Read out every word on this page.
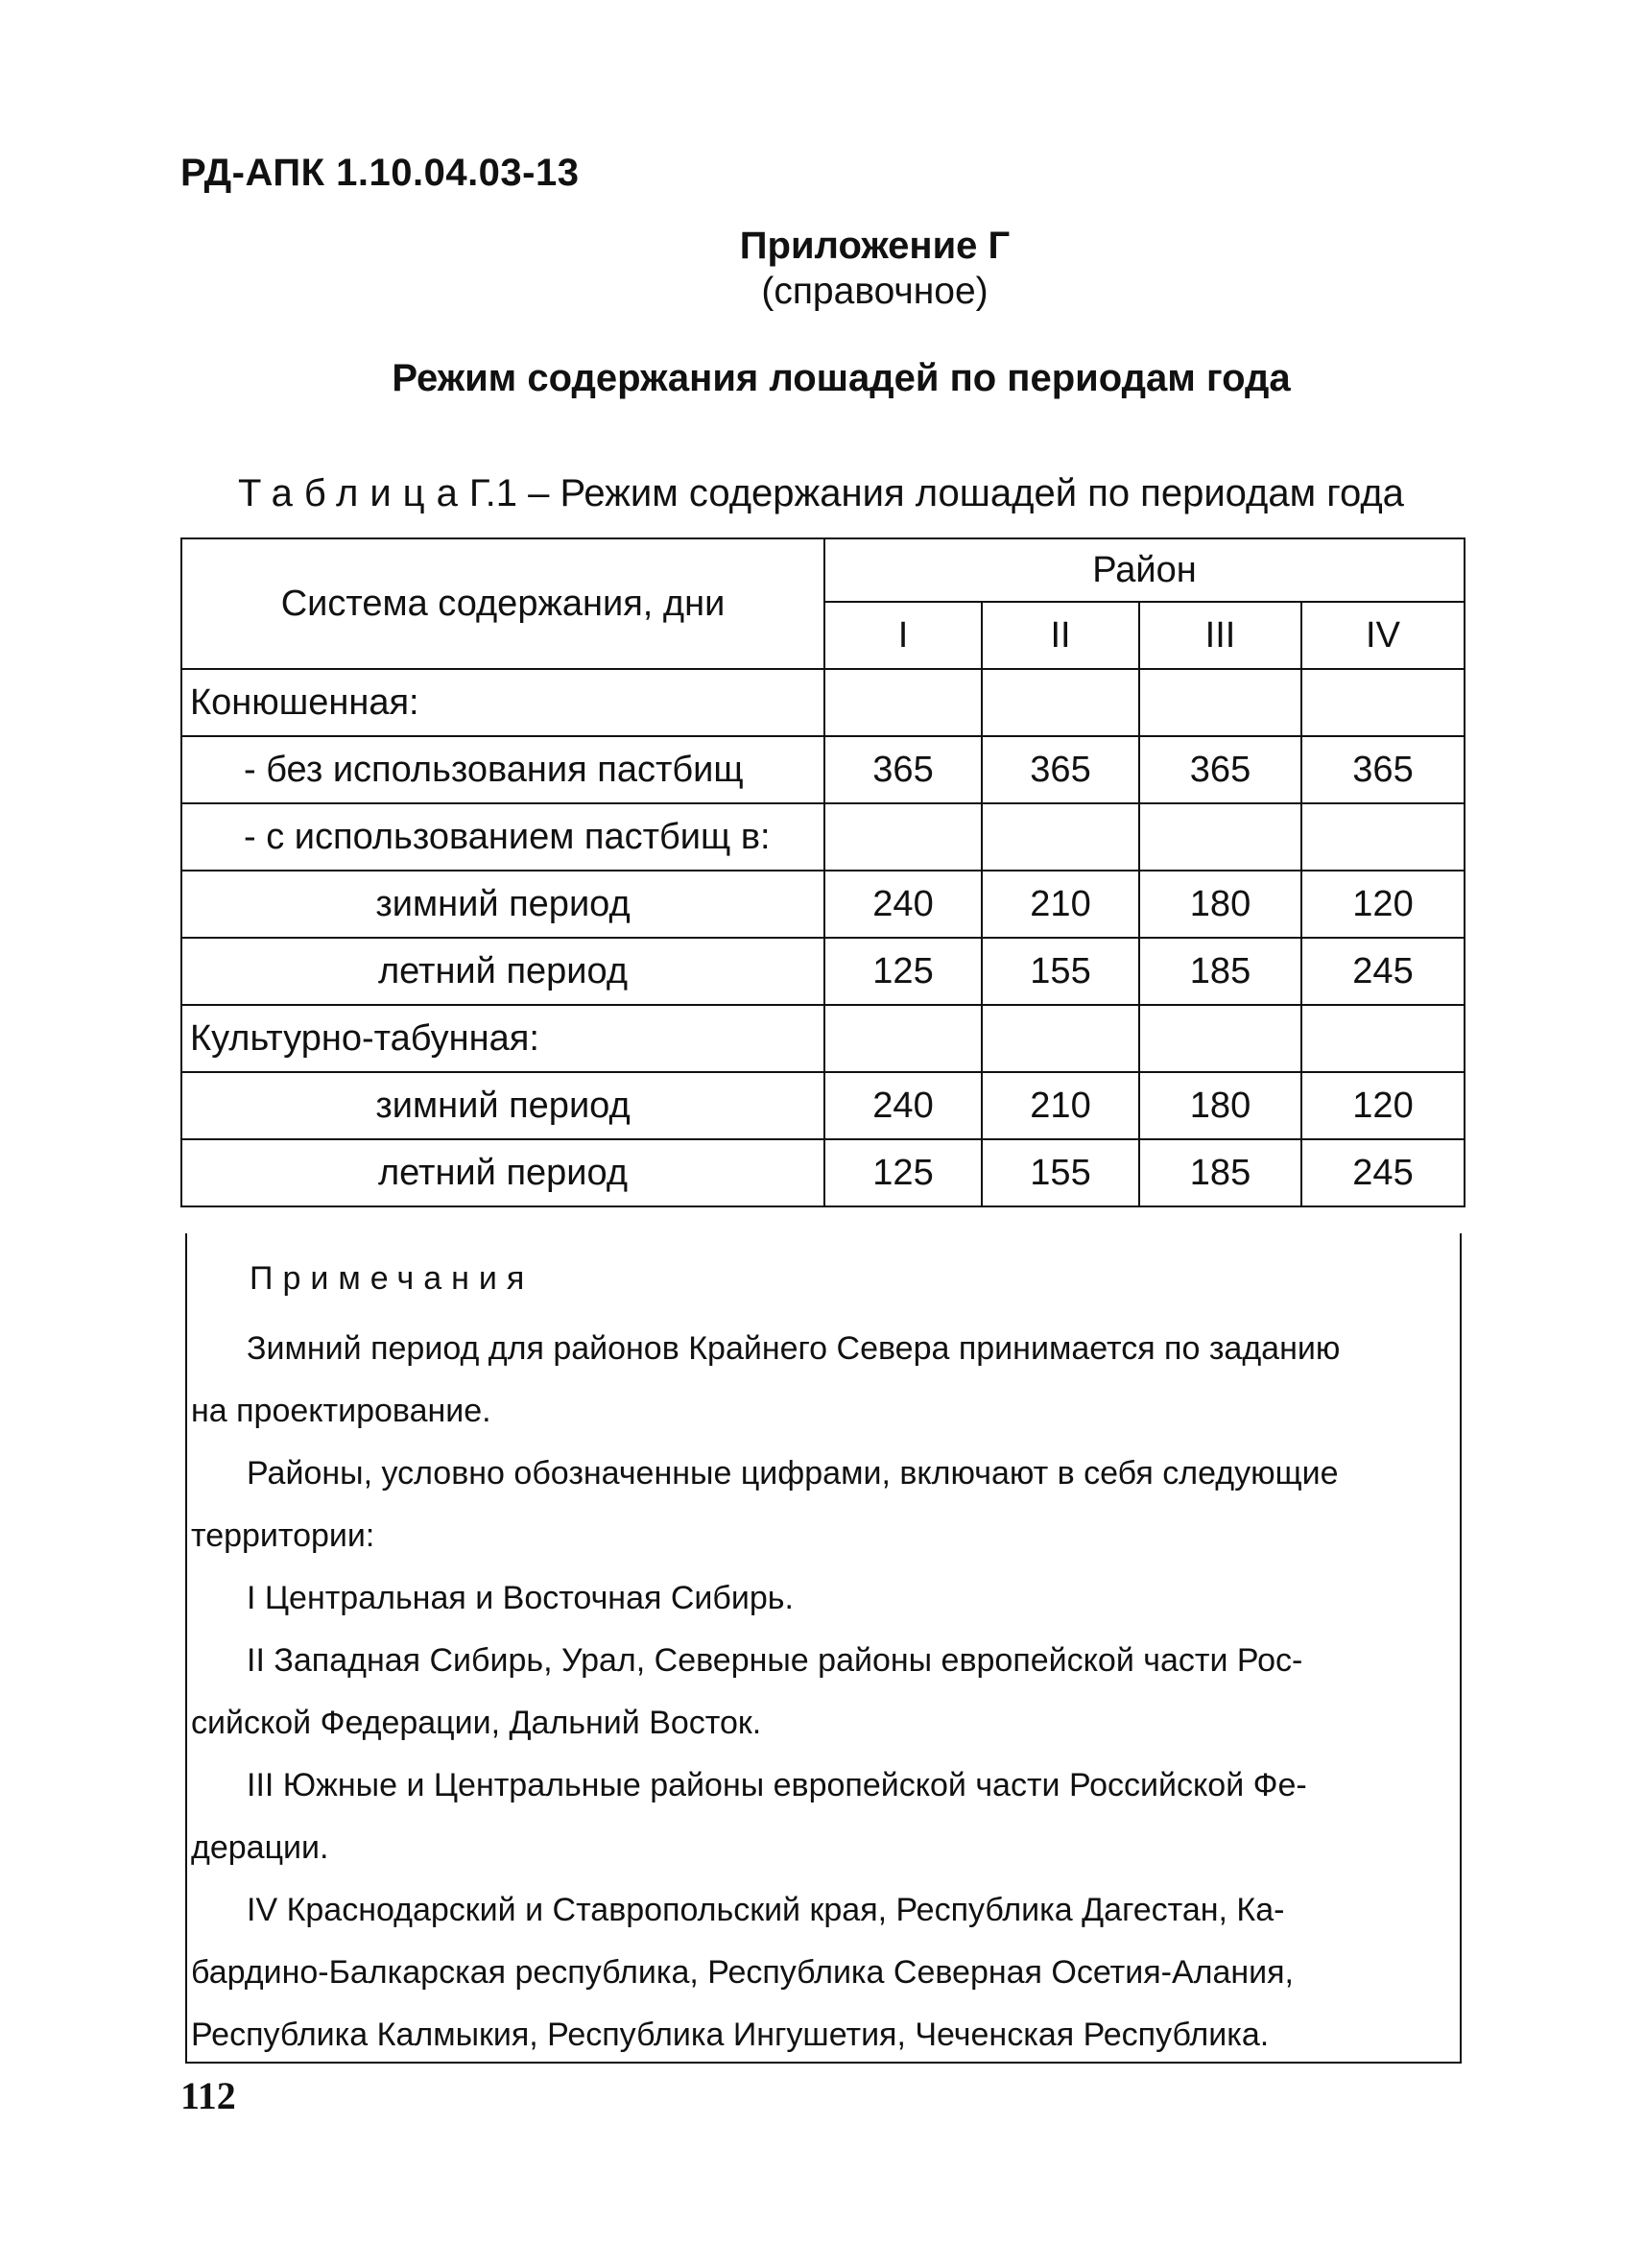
РД-АПК 1.10.04.03-13
Приложение Г
(справочное)
Режим содержания лошадей по периодам года
ТаблицаГ.1 – Режим содержания лошадей по периодам года
Система содержания, дни	Район			
	I	II	III	IV
Конюшенная:				
- без использования пастбищ	365	365	365	365
- с использованием пастбищ в:				
зимний период	240	210	180	120
летний период	125	155	185	245
Культурно-табунная:				
зимний период	240	210	180	120
летний период	125	155	185	245
Примечания
Зимний период для районов Крайнего Севера принимается по заданию
на проектирование.
Районы, условно обозначенные цифрами, включают в себя следующие
территории:
I Центральная и Восточная Сибирь.
II Западная Сибирь, Урал, Северные районы европейской части Рос-
сийской Федерации, Дальний Восток.
III Южные и Центральные районы европейской части Российской Фе-
дерации.
IV Краснодарский и Ставропольский края, Республика Дагестан, Ка-
бардино-Балкарская республика, Республика Северная Осетия-Алания,
Республика Калмыкия, Республика Ингушетия, Чеченская Республика.
112
